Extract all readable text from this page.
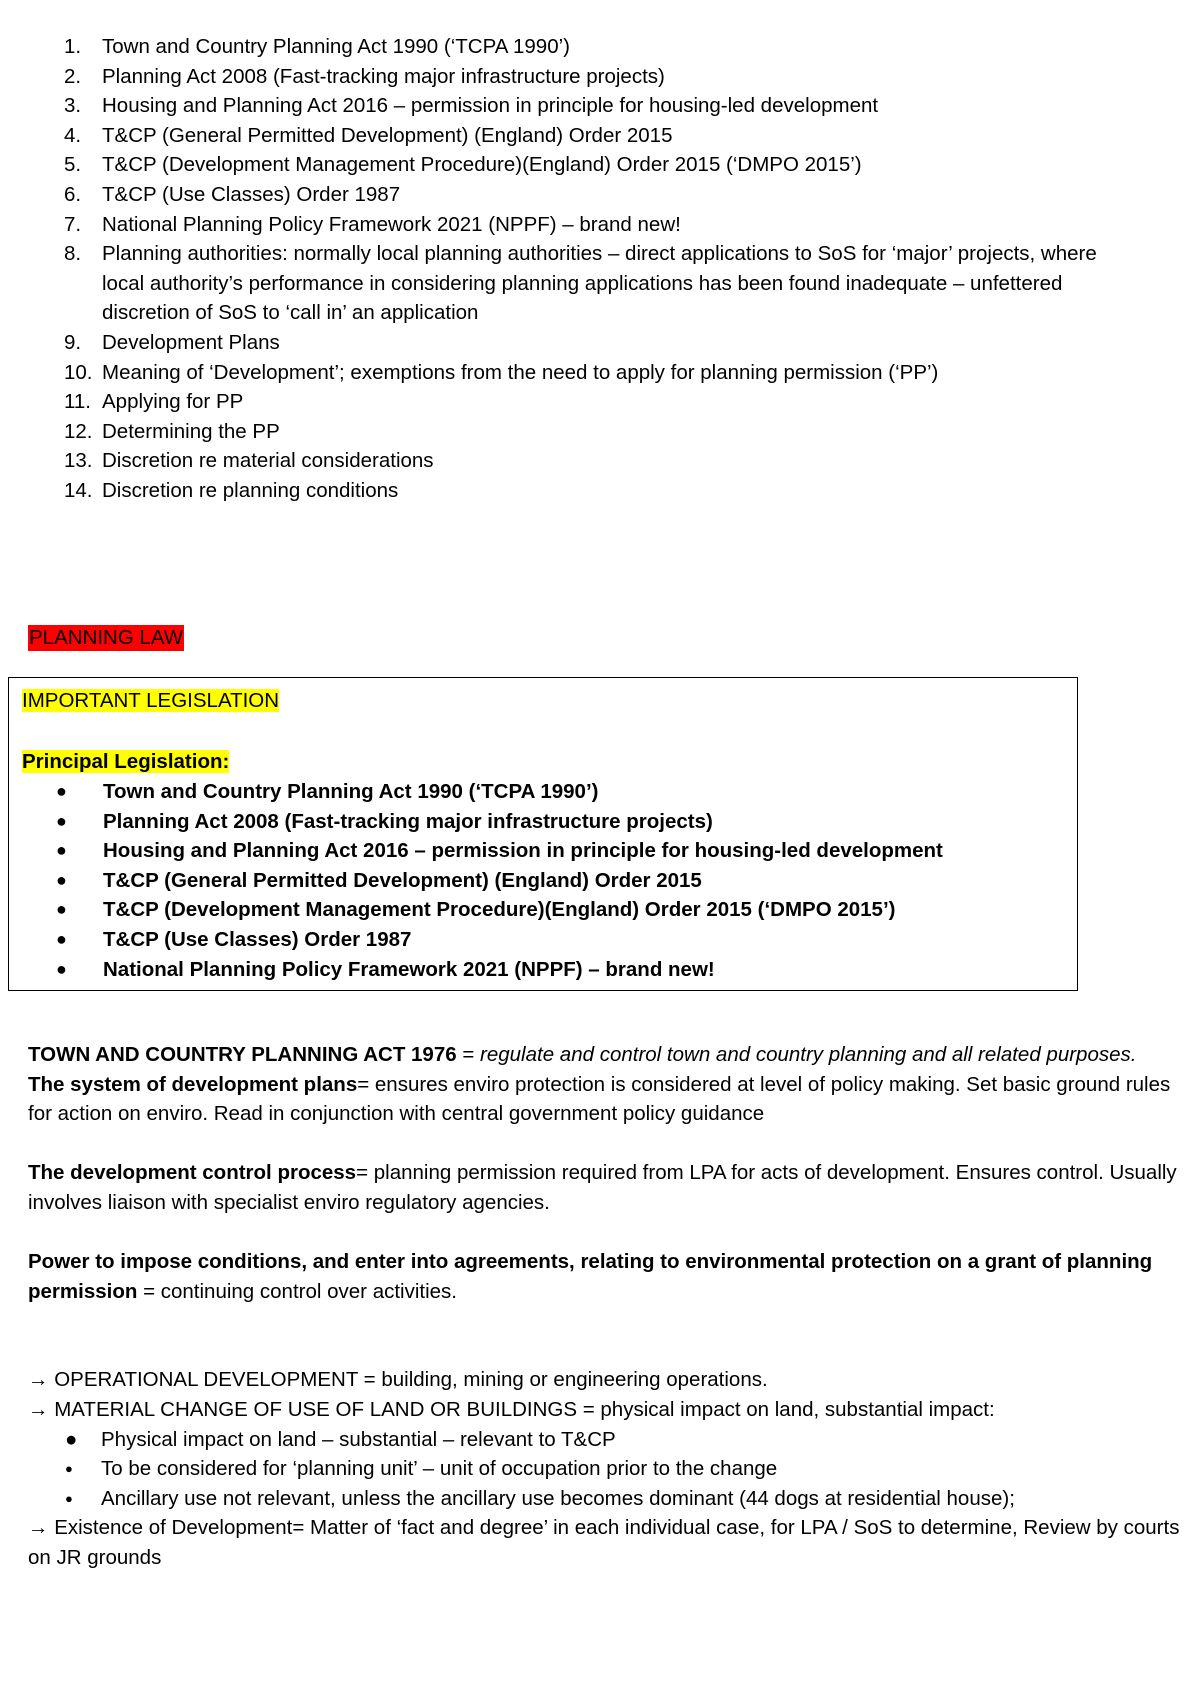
1.	Town and Country Planning Act 1990 (‘TCPA 1990’)
2.	Planning Act 2008 (Fast-tracking major infrastructure projects)
3.	Housing and Planning Act 2016 – permission in principle for housing-led development
4.	T&CP (General Permitted Development) (England) Order 2015
5.	T&CP (Development Management Procedure)(England) Order 2015 (‘DMPO 2015’)
6.	T&CP (Use Classes) Order 1987
7.	National Planning Policy Framework 2021 (NPPF) – brand new!
8.	Planning authorities: normally local planning authorities – direct applications to SoS for ‘major’ projects, where local authority’s performance in considering planning applications has been found inadequate – unfettered discretion of SoS to ‘call in’ an application
9.	Development Plans
10. Meaning of ‘Development’; exemptions from the need to apply for planning permission (‘PP’)
11. Applying for PP
12. Determining the PP
13. Discretion re material considerations
14. Discretion re planning conditions
PLANNING LAW
IMPORTANT LEGISLATION
Principal Legislation:
●	Town and Country Planning Act 1990 (‘TCPA 1990’)
●	Planning Act 2008 (Fast-tracking major infrastructure projects)
●	Housing and Planning Act 2016 – permission in principle for housing-led development
●	T&CP (General Permitted Development) (England) Order 2015
●	T&CP (Development Management Procedure)(England) Order 2015 (‘DMPO 2015’)
●	T&CP (Use Classes) Order 1987
●	National Planning Policy Framework 2021 (NPPF) – brand new!

TOWN AND COUNTRY PLANNING ACT 1976 = regulate and control town and country planning and all related purposes.

The system of development plans= ensures enviro protection is considered at level of policy making. Set basic ground rules for action on enviro. Read in conjunction with central government policy guidance

The development control process= planning permission required from LPA for acts of development. Ensures control. Usually involves liaison with specialist enviro regulatory agencies.

Power to impose conditions, and enter into agreements, relating to environmental protection on a grant of planning permission = continuing control over activities.

→ OPERATIONAL DEVELOPMENT = building, mining or engineering operations.

→ MATERIAL CHANGE OF USE OF LAND OR BUILDINGS = physical impact on land, substantial impact:

●	Physical impact on land – substantial – relevant to T&CP
●	To be considered for ‘planning unit’ – unit of occupation prior to the change
●	Ancillary use not relevant, unless the ancillary use becomes dominant (44 dogs at residential house);

→ Existence of Development= Matter of ‘fact and degree’ in each individual case, for LPA / SoS to determine, Review by courts on JR grounds
